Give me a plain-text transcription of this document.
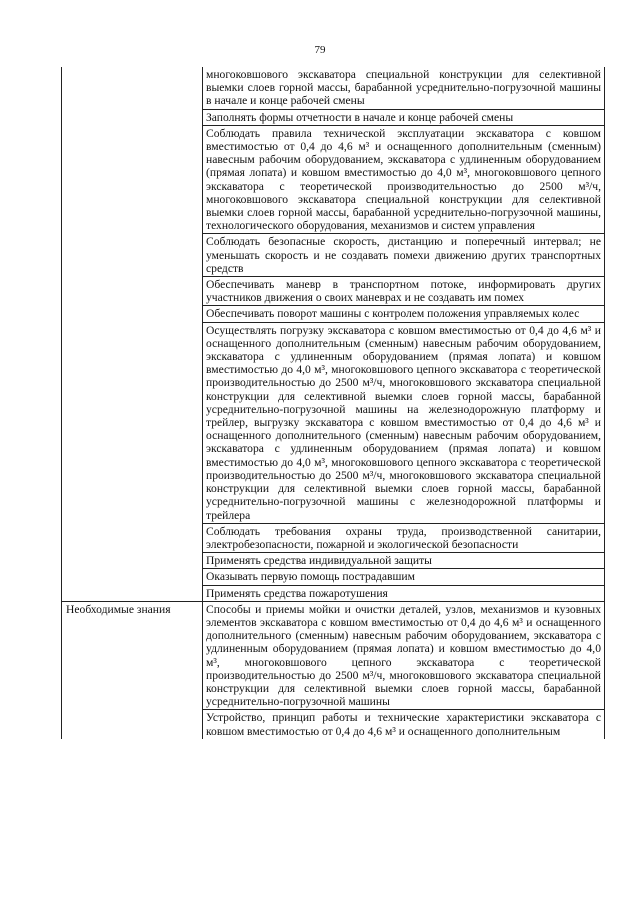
79
	многоковшового экскаватора специальной конструкции для селективной выемки слоев горной массы, барабанной усреднительно-погрузочной машины в начале и конце рабочей смены
	Заполнять формы отчетности в начале и конце рабочей смены
	Соблюдать правила технической эксплуатации экскаватора с ковшом вместимостью от 0,4 до 4,6 м³ и оснащенного дополнительным (сменным) навесным рабочим оборудованием, экскаватора с удлиненным оборудованием (прямая лопата) и ковшом вместимостью до 4,0 м³, многоковшового цепного экскаватора с теоретической производительностью до 2500 м³/ч, многоковшового экскаватора специальной конструкции для селективной выемки слоев горной массы, барабанной усреднительно-погрузочной машины, технологического оборудования, механизмов и систем управления
	Соблюдать безопасные скорость, дистанцию и поперечный интервал; не уменьшать скорость и не создавать помехи движению других транспортных средств
	Обеспечивать маневр в транспортном потоке, информировать других участников движения о своих маневрах и не создавать им помех
	Обеспечивать поворот машины с контролем положения управляемых колес
	Осуществлять погрузку экскаватора с ковшом вместимостью от 0,4 до 4,6 м³ и оснащенного дополнительным (сменным) навесным рабочим оборудованием, экскаватора с удлиненным оборудованием (прямая лопата) и ковшом вместимостью до 4,0 м³, многоковшового цепного экскаватора с теоретической производительностью до 2500 м³/ч, многоковшового экскаватора специальной конструкции для селективной выемки слоев горной массы, барабанной усреднительно-погрузочной машины на железнодорожную платформу и трейлер, выгрузку экскаватора с ковшом вместимостью от 0,4 до 4,6 м³ и оснащенного дополнительного (сменным) навесным рабочим оборудованием, экскаватора с удлиненным оборудованием (прямая лопата) и ковшом вместимостью до 4,0 м³, многоковшового цепного экскаватора с теоретической производительностью до 2500 м³/ч, многоковшового экскаватора специальной конструкции для селективной выемки слоев горной массы, барабанной усреднительно-погрузочной машины с железнодорожной платформы и трейлера
	Соблюдать требования охраны труда, производственной санитарии, электробезопасности, пожарной и экологической безопасности
	Применять средства индивидуальной защиты
	Оказывать первую помощь пострадавшим
	Применять средства пожаротушения
Необходимые знания	Способы и приемы мойки и очистки деталей, узлов, механизмов и кузовных элементов экскаватора с ковшом вместимостью от 0,4 до 4,6 м³ и оснащенного дополнительного (сменным) навесным рабочим оборудованием, экскаватора с удлиненным оборудованием (прямая лопата) и ковшом вместимостью до 4,0 м³, многоковшового цепного экскаватора с теоретической производительностью до 2500 м³/ч, многоковшового экскаватора специальной конструкции для селективной выемки слоев горной массы, барабанной усреднительно-погрузочной машины
	Устройство, принцип работы и технические характеристики экскаватора с ковшом вместимостью от 0,4 до 4,6 м³ и оснащенного дополнительным
